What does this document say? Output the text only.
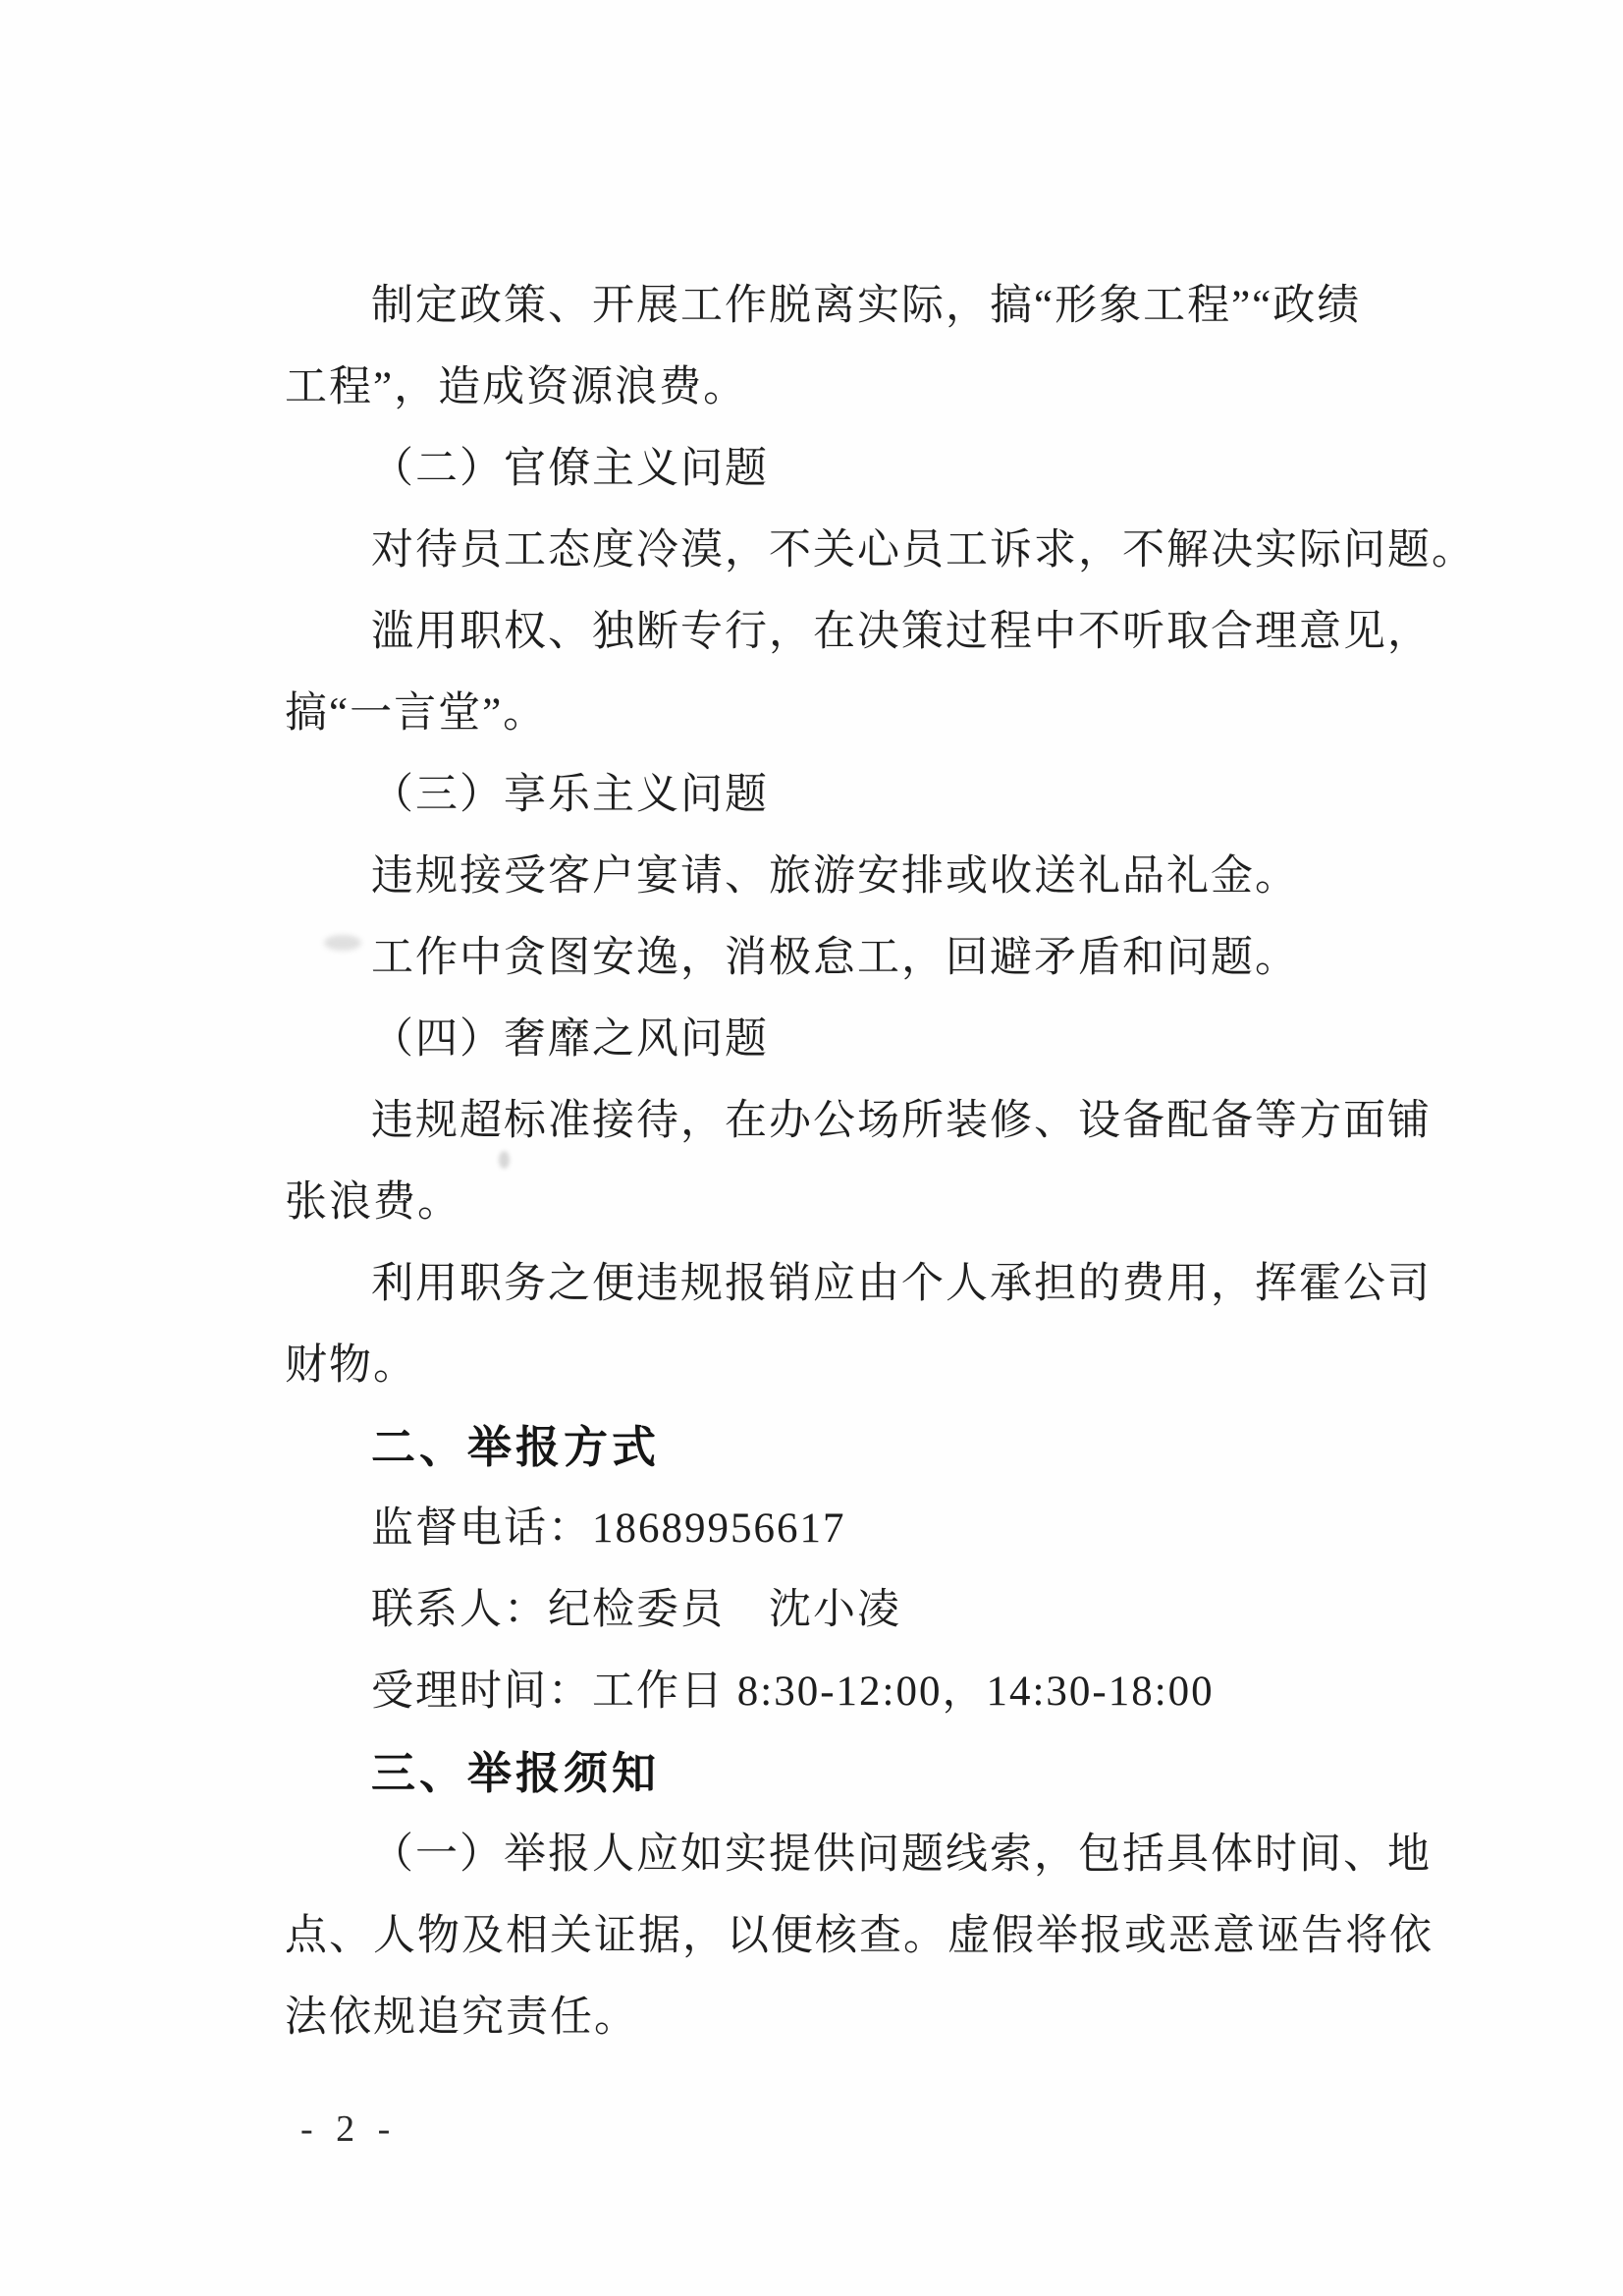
制定政策、开展工作脱离实际，搞“形象工程”“政绩
工程”，造成资源浪费。
（二）官僚主义问题
对待员工态度冷漠，不关心员工诉求，不解决实际问题。
滥用职权、独断专行，在决策过程中不听取合理意见，
搞“一言堂”。
（三）享乐主义问题
违规接受客户宴请、旅游安排或收送礼品礼金。
工作中贪图安逸，消极怠工，回避矛盾和问题。
（四）奢靡之风问题
违规超标准接待，在办公场所装修、设备配备等方面铺
张浪费。
利用职务之便违规报销应由个人承担的费用，挥霍公司
财物。
二、举报方式
监督电话：18689956617
联系人：纪检委员　沈小凌
受理时间：工作日 8:30-12:00，14:30-18:00
三、举报须知
（一）举报人应如实提供问题线索，包括具体时间、地
点、人物及相关证据，以便核查。虚假举报或恶意诬告将依
法依规追究责任。
- 2 -
